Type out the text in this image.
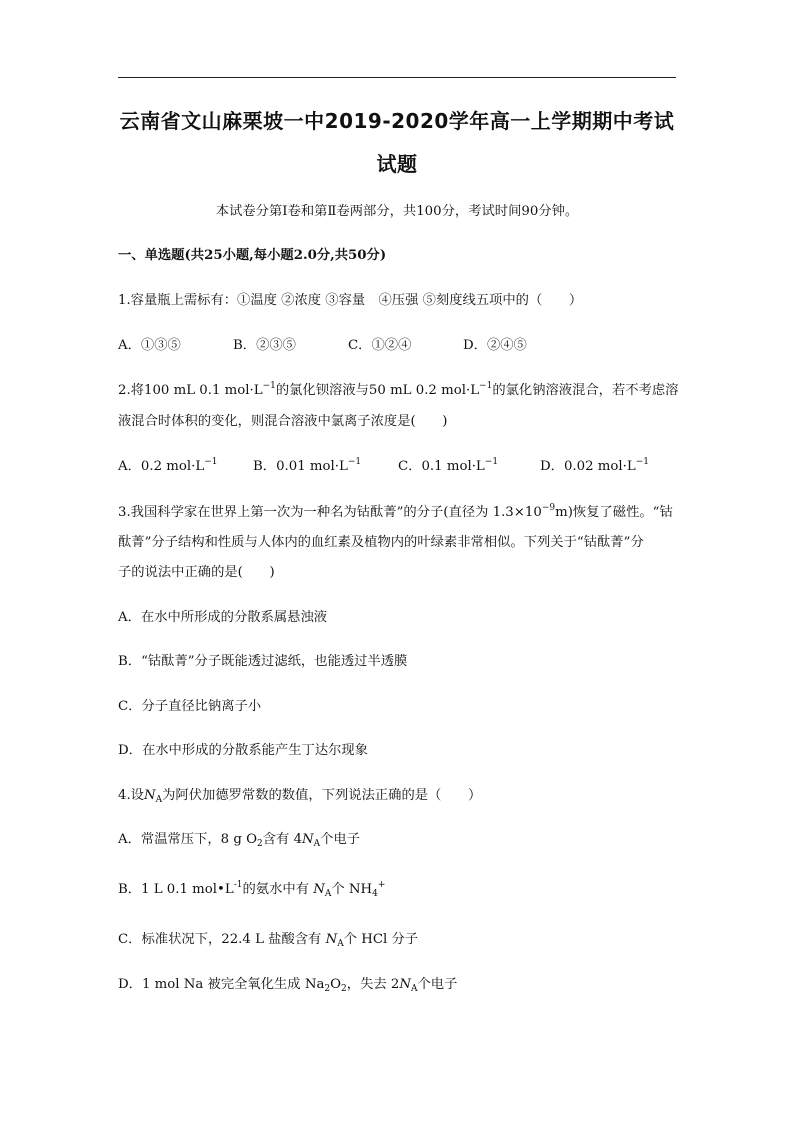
云南省文山麻栗坡一中2019-2020学年高一上学期期中考试
试题
本试卷分第Ⅰ卷和第Ⅱ卷两部分，共100分，考试时间90分钟。
一、单选题(共25小题,每小题2.0分,共50分)
1.容量瓶上需标有：①温度 ②浓度 ③容量　④压强 ⑤刻度线五项中的（　　）
A．①③⑤	B．②③⑤	C．①②④	D．②④⑤
2.将100 mL 0.1 $mol\cdot L^{-1}$的氯化钡溶液与50 mL 0.2 $mol\cdot L^{-1}$的氯化钠溶液混合，若不考虑溶
液混合时体积的变化，则混合溶液中氯离子浓度是(　　)
A．0.2 $mol\cdot L^{-1}$	B．0.01 $mol\cdot L^{-1}$	C．0.1 $mol\cdot L^{-1}$	D．0.02 $mol\cdot L^{-1}$
3.我国科学家在世界上第一次为一种名为钴酞菁”的分子(直径为 $1.3\times 10^{-9}m$)恢复了磁性。“钴
酞菁”分子结构和性质与人体内的血红素及植物内的叶绿素非常相似。下列关于“钴酞菁”分
子的说法中正确的是(　　)
A．在水中所形成的分散系属悬浊液
B．“钴酞菁”分子既能透过滤纸，也能透过半透膜
C．分子直径比钠离子小
D．在水中形成的分散系能产生丁达尔现象
4.设$N_A$为阿伏加德罗常数的数值，下列说法正确的是（　　）
A．常温常压下，8 g $O_2$含有 $4N_A$个电子
B．1 L 0.1 $mol•L^{-1}$的氨水中有 $N_A$个 $NH_4^+$
C．标准状况下，22.4 L 盐酸含有 $N_A$个 HCl 分子
D．1 mol Na 被完全氧化生成 $Na_2O_2$，失去 $2N_A$个电子
